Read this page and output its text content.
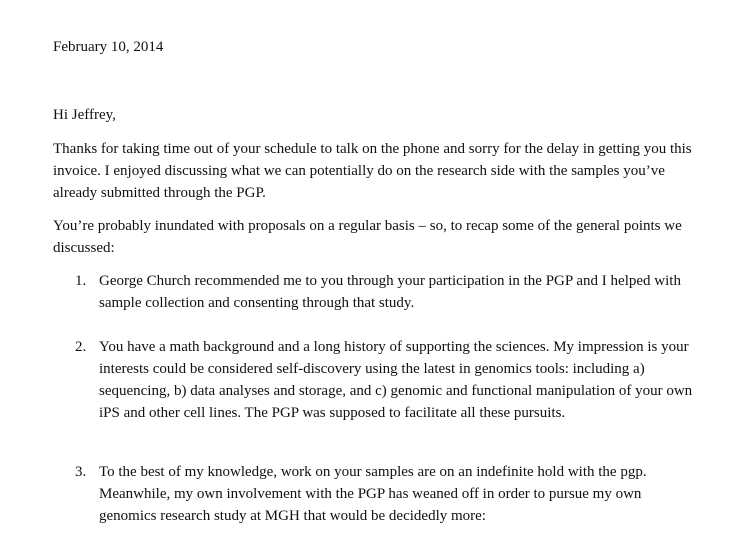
February 10, 2014

Hi Jeffrey,

Thanks for taking time out of your schedule to talk on the phone and sorry for the delay in getting you this invoice. I enjoyed discussing what we can potentially do on the research side with the samples you’ve already submitted through the PGP.

You’re probably inundated with proposals on a regular basis – so, to recap some of the general points we discussed:

1. George Church recommended me to you through your participation in the PGP and I helped with sample collection and consenting through that study.

2. You have a math background and a long history of supporting the sciences. My impression is your interests could be considered self-discovery using the latest in genomics tools: including a) sequencing, b) data analyses and storage, and c) genomic and functional manipulation of your own iPS and other cell lines. The PGP was supposed to facilitate all these pursuits.

3. To the best of my knowledge, work on your samples are on an indefinite hold with the pgp. Meanwhile, my own involvement with the PGP has weaned off in order to pursue my own genomics research study at MGH that would be decidedly more:
